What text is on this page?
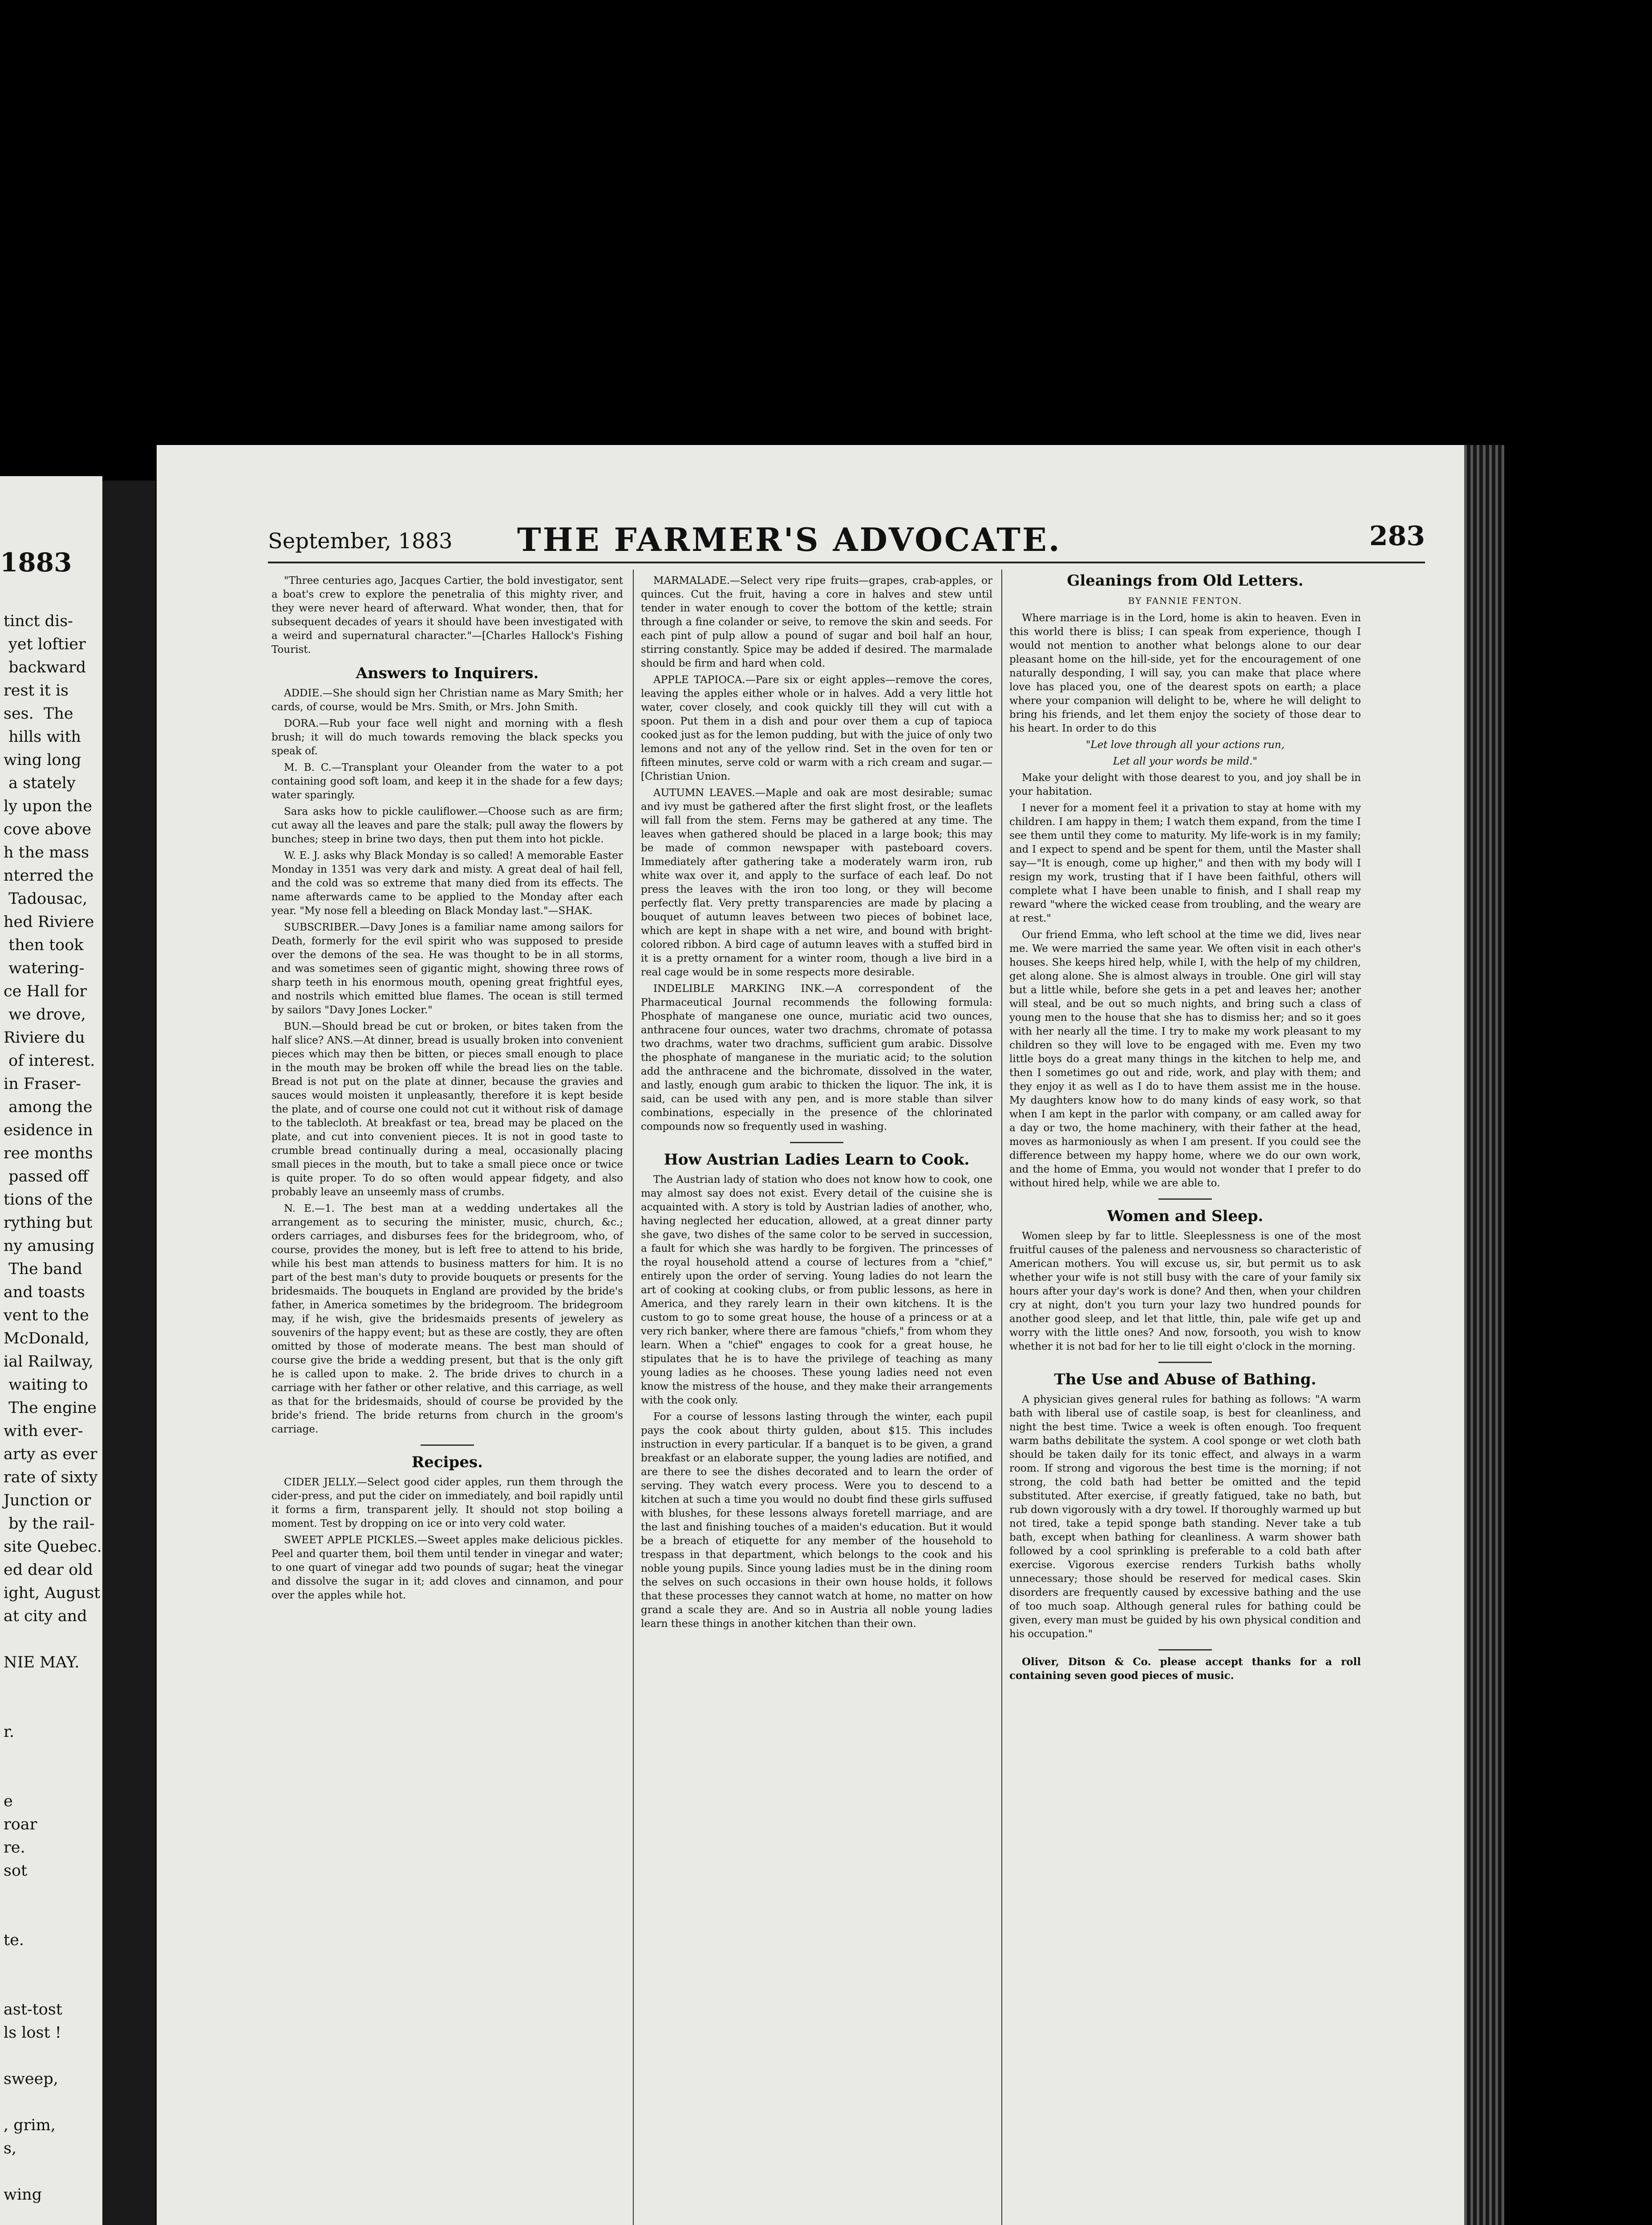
1883
tinct dis-
yet loftier
backward
rest it is
ses.  The
hills with
wing long
a stately
ly upon the
cove above
h the mass
nterred the
Tadousac,
hed Riviere
then took
watering-
ce Hall for
we drove,
Riviere du
of interest.
in Fraser-
among the
esidence in
ree months
passed off
tions of the
rything but
ny amusing
The band
and toasts
vent to the
McDonald,
ial Railway,
waiting to
The engine
with ever-
arty as ever
rate of sixty
Junction or
by the rail-
site Quebec.
ed dear old
ight, August
at city and

NIE MAY.

r.

e
roar
re.
sot

te.

ast-tost
ls lost !

sweep,

, grim,
s,

wing

September, 1883 THE FARMER'S ADVOCATE.	283

"Three centuries ago, Jacques Cartier, the bold investigator, sent a boat's crew to explore the penetralia of this mighty river, and they were never heard of afterward. What wonder, then, that for subsequent decades of years it should have been investigated with a weird and supernatural character."—[Charles Hallock's Fishing Tourist.

Answers to Inquirers.

ADDIE.—She should sign her Christian name as Mary Smith; her cards, of course, would be Mrs. Smith, or Mrs. John Smith.

DORA.—Rub your face well night and morning with a flesh brush; it will do much towards removing the black specks you speak of.

M. B. C.—Transplant your Oleander from the water to a pot containing good soft loam, and keep it in the shade for a few days; water sparingly.

Sara asks how to pickle cauliflower.—Choose such as are firm; cut away all the leaves and pare the stalk; pull away the flowers by bunches; steep in brine two days, then put them into hot pickle.

W. E. J. asks why Black Monday is so called! A memorable Easter Monday in 1351 was very dark and misty. A great deal of hail fell, and the cold was so extreme that many died from its effects. The name afterwards came to be applied to the Monday after each year. "My nose fell a bleeding on Black Monday last."—SHAK.

SUBSCRIBER.—Davy Jones is a familiar name among sailors for Death, formerly for the evil spirit who was supposed to preside over the demons of the sea. He was thought to be in all storms, and was sometimes seen of gigantic might, showing three rows of sharp teeth in his enormous mouth, opening great frightful eyes, and nostrils which emitted blue flames. The ocean is still termed by sailors "Davy Jones Locker."

BUN.—Should bread be cut or broken, or bites taken from the half slice? ANS.—At dinner, bread is usually broken into convenient pieces which may then be bitten, or pieces small enough to place in the mouth may be broken off while the bread lies on the table. Bread is not put on the plate at dinner, because the gravies and sauces would moisten it unpleasantly, therefore it is kept beside the plate, and of course one could not cut it without risk of damage to the tablecloth. At breakfast or tea, bread may be placed on the plate, and cut into convenient pieces. It is not in good taste to crumble bread continually during a meal, occasionally placing small pieces in the mouth, but to take a small piece once or twice is quite proper. To do so often would appear fidgety, and also probably leave an unseemly mass of crumbs.

N. E.—1. The best man at a wedding undertakes all the arrangement as to securing the minister, music, church, &c.; orders carriages, and disburses fees for the bridegroom, who, of course, provides the money, but is left free to attend to his bride, while his best man attends to business matters for him. It is no part of the best man's duty to provide bouquets or presents for the bridesmaids. The bouquets in England are provided by the bride's father, in America sometimes by the bridegroom. The bridegroom may, if he wish, give the bridesmaids presents of jewelery as souvenirs of the happy event; but as these are costly, they are often omitted by those of moderate means. The best man should of course give the bride a wedding present, but that is the only gift he is called upon to make. 2. The bride drives to church in a carriage with her father or other relative, and this carriage, as well as that for the bridesmaids, should of course be provided by the bride's friend. The bride returns from church in the groom's carriage.

Recipes.

CIDER JELLY.—Select good cider apples, run them through the cider-press, and put the cider on immediately, and boil rapidly until it forms a firm, transparent jelly. It should not stop boiling a moment. Test by dropping on ice or into very cold water.

SWEET APPLE PICKLES.—Sweet apples make delicious pickles. Peel and quarter them, boil them until tender in vinegar and water; to one quart of vinegar add two pounds of sugar; heat the vinegar and dissolve the sugar in it; add cloves and cinnamon, and pour over the apples while hot.

MARMALADE.—Select very ripe fruits—grapes, crab-apples, or quinces. Cut the fruit, having a core in halves and stew until tender in water enough to cover the bottom of the kettle; strain through a fine colander or seive, to remove the skin and seeds. For each pint of pulp allow a pound of sugar and boil half an hour, stirring constantly. Spice may be added if desired. The marmalade should be firm and hard when cold.

APPLE TAPIOCA.—Pare six or eight apples—remove the cores, leaving the apples either whole or in halves. Add a very little hot water, cover closely, and cook quickly till they will cut with a spoon. Put them in a dish and pour over them a cup of tapioca cooked just as for the lemon pudding, but with the juice of only two lemons and not any of the yellow rind. Set in the oven for ten or fifteen minutes, serve cold or warm with a rich cream and sugar.—[Christian Union.

AUTUMN LEAVES.—Maple and oak are most desirable; sumac and ivy must be gathered after the first slight frost, or the leaflets will fall from the stem. Ferns may be gathered at any time. The leaves when gathered should be placed in a large book; this may be made of common newspaper with pasteboard covers. Immediately after gathering take a moderately warm iron, rub white wax over it, and apply to the surface of each leaf. Do not press the leaves with the iron too long, or they will become perfectly flat. Very pretty transparencies are made by placing a bouquet of autumn leaves between two pieces of bobinet lace, which are kept in shape with a net wire, and bound with bright-colored ribbon. A bird cage of autumn leaves with a stuffed bird in it is a pretty ornament for a winter room, though a live bird in a real cage would be in some respects more desirable.

INDELIBLE MARKING INK.—A correspondent of the Pharmaceutical Journal recommends the following formula: Phosphate of manganese one ounce, muriatic acid two ounces, anthracene four ounces, water two drachms, chromate of potassa two drachms, water two drachms, sufficient gum arabic. Dissolve the phosphate of manganese in the muriatic acid; to the solution add the anthracene and the bichromate, dissolved in the water, and lastly, enough gum arabic to thicken the liquor. The ink, it is said, can be used with any pen, and is more stable than silver combinations, especially in the presence of the chlorinated compounds now so frequently used in washing.

How Austrian Ladies Learn to Cook.

The Austrian lady of station who does not know how to cook, one may almost say does not exist. Every detail of the cuisine she is acquainted with. A story is told by Austrian ladies of another, who, having neglected her education, allowed, at a great dinner party she gave, two dishes of the same color to be served in succession, a fault for which she was hardly to be forgiven. The princesses of the royal household attend a course of lectures from a "chief," entirely upon the order of serving. Young ladies do not learn the art of cooking at cooking clubs, or from public lessons, as here in America, and they rarely learn in their own kitchens. It is the custom to go to some great house, the house of a princess or at a very rich banker, where there are famous "chiefs," from whom they learn. When a "chief" engages to cook for a great house, he stipulates that he is to have the privilege of teaching as many young ladies as he chooses. These young ladies need not even know the mistress of the house, and they make their arrangements with the cook only.

For a course of lessons lasting through the winter, each pupil pays the cook about thirty gulden, about $15. This includes instruction in every particular. If a banquet is to be given, a grand breakfast or an elaborate supper, the young ladies are notified, and are there to see the dishes decorated and to learn the order of serving. They watch every process. Were you to descend to a kitchen at such a time you would no doubt find these girls suffused with blushes, for these lessons always foretell marriage, and are the last and finishing touches of a maiden's education. But it would be a breach of etiquette for any member of the household to trespass in that department, which belongs to the cook and his noble young pupils. Since young ladies must be in the dining room the selves on such occasions in their own house holds, it follows that these processes they cannot watch at home, no matter on how grand a scale they are. And so in Austria all noble young ladies learn these things in another kitchen than their own.

Gleanings from Old Letters.
BY FANNIE FENTON.

Where marriage is in the Lord, home is akin to heaven. Even in this world there is bliss; I can speak from experience, though I would not mention to another what belongs alone to our dear pleasant home on the hill-side, yet for the encouragement of one naturally desponding, I will say, you can make that place where love has placed you, one of the dearest spots on earth; a place where your companion will delight to be, where he will delight to bring his friends, and let them enjoy the society of those dear to his heart. In order to do this

"Let love through all your actions run,
Let all your words be mild."

Make your delight with those dearest to you, and joy shall be in your habitation.

I never for a moment feel it a privation to stay at home with my children. I am happy in them; I watch them expand, from the time I see them until they come to maturity. My life-work is in my family; and I expect to spend and be spent for them, until the Master shall say—"It is enough, come up higher," and then with my body will I resign my work, trusting that if I have been faithful, others will complete what I have been unable to finish, and I shall reap my reward "where the wicked cease from troubling, and the weary are at rest."

Our friend Emma, who left school at the time we did, lives near me. We were married the same year. We often visit in each other's houses. She keeps hired help, while I, with the help of my children, get along alone. She is almost always in trouble. One girl will stay but a little while, before she gets in a pet and leaves her; another will steal, and be out so much nights, and bring such a class of young men to the house that she has to dismiss her; and so it goes with her nearly all the time. I try to make my work pleasant to my children so they will love to be engaged with me. Even my two little boys do a great many things in the kitchen to help me, and then I sometimes go out and ride, work, and play with them; and they enjoy it as well as I do to have them assist me in the house. My daughters know how to do many kinds of easy work, so that when I am kept in the parlor with company, or am called away for a day or two, the home machinery, with their father at the head, moves as harmoniously as when I am present. If you could see the difference between my happy home, where we do our own work, and the home of Emma, you would not wonder that I prefer to do without hired help, while we are able to.

Women and Sleep.

Women sleep by far to little. Sleeplessness is one of the most fruitful causes of the paleness and nervousness so characteristic of American mothers. You will excuse us, sir, but permit us to ask whether your wife is not still busy with the care of your family six hours after your day's work is done? And then, when your children cry at night, don't you turn your lazy two hundred pounds for another good sleep, and let that little, thin, pale wife get up and worry with the little ones? And now, forsooth, you wish to know whether it is not bad for her to lie till eight o'clock in the morning.

The Use and Abuse of Bathing.

A physician gives general rules for bathing as follows: "A warm bath with liberal use of castile soap, is best for cleanliness, and night the best time. Twice a week is often enough. Too frequent warm baths debilitate the system. A cool sponge or wet cloth bath should be taken daily for its tonic effect, and always in a warm room. If strong and vigorous the best time is the morning; if not strong, the cold bath had better be omitted and the tepid substituted. After exercise, if greatly fatigued, take no bath, but rub down vigorously with a dry towel. If thoroughly warmed up but not tired, take a tepid sponge bath standing. Never take a tub bath, except when bathing for cleanliness. A warm shower bath followed by a cool sprinkling is preferable to a cold bath after exercise. Vigorous exercise renders Turkish baths wholly unnecessary; those should be reserved for medical cases. Skin disorders are frequently caused by excessive bathing and the use of too much soap. Although general rules for bathing could be given, every man must be guided by his own physical condition and his occupation."

Oliver, Ditson & Co. please accept thanks for a roll containing seven good pieces of music.
